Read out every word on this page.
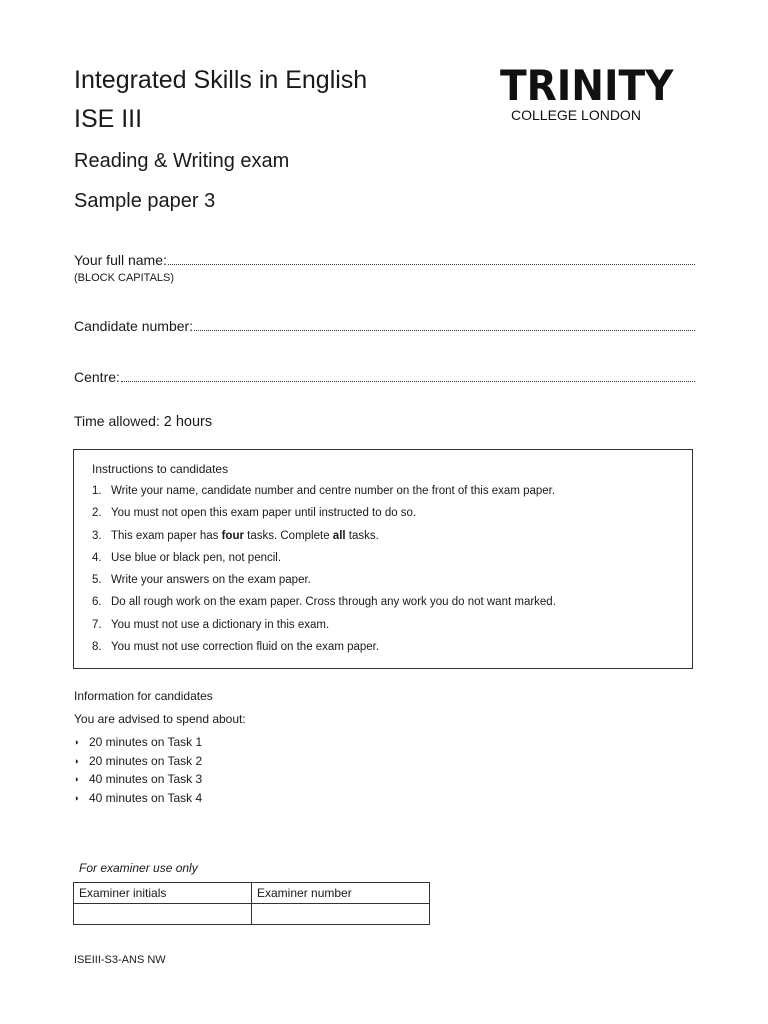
Integrated Skills in English
ISE III
Reading & Writing exam
Sample paper 3
TRINITY
COLLEGE LONDON
Your full name:
(BLOCK CAPITALS)
Candidate number:
Centre:
Time allowed: 2 hours
Instructions to candidates
1. Write your name, candidate number and centre number on the front of this exam paper.
2. You must not open this exam paper until instructed to do so.
3. This exam paper has four tasks. Complete all tasks.
4. Use blue or black pen, not pencil.
5. Write your answers on the exam paper.
6. Do all rough work on the exam paper. Cross through any work you do not want marked.
7. You must not use a dictionary in this exam.
8. You must not use correction fluid on the exam paper.
Information for candidates
You are advised to spend about:
◗ 20 minutes on Task 1
◗ 20 minutes on Task 2
◗ 40 minutes on Task 3
◗ 40 minutes on Task 4
For examiner use only
Examiner initials	Examiner number

ISEIII-S3-ANS NW
